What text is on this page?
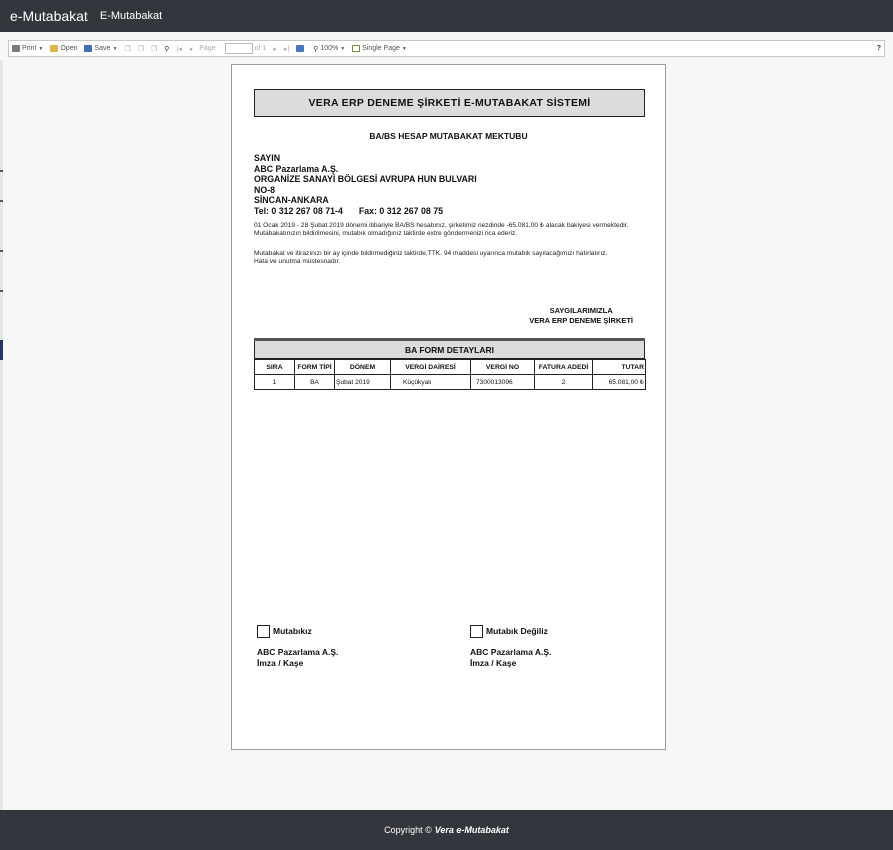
e-Mutabakat E-Mutabakat
Print ▼ Open Save ▼ ❐ ❐ ❐ ⚲ |◂ ◂ Page	of 1 ▸ ▸|	⚲ 100% ▼ Single Page ▼	?
VERA ERP DENEME ŞİRKETİ E-MUTABAKAT SİSTEMİ
BA/BS HESAP MUTABAKAT MEKTUBU
SAYIN
ABC Pazarlama A.Ş.
ORGANİZE SANAYİ BÖLGESİ AVRUPA HUN BULVARI
NO-8
SİNCAN-ANKARA
Tel: 0 312 267 08 71-4 Fax: 0 312 267 08 75
01 Ocak 2019 - 28 Şubat 2019 dönemi itibariyle BA/BS hesabınız, şirketimiz nezdinde -65.081,00 ₺ alacak bakiyesi vermektedir. Mutabakatınızın bildirilmesini, mutabık olmadığınız taktirde extre göndermenizi rica ederiz.
Mutabakat ve itirazınızı bir ay içinde bildirmediğiniz taktirde,TTK. 94 maddesi uyarınca mutabık sayılacağımızı hatırlatırız.
Hata ve unutma müstesnadır.
SAYGILARIMIZLA
VERA ERP DENEME ŞİRKETİ
BA FORM DETAYLARI
SIRA	FORM TİPİ	DÖNEM	VERGİ DAİRESİ	VERGİ NO	FATURA ADEDİ	TUTAR
1	BA	Şubat 2019	Küçükyalı	7300013096	2	65.081,00 ₺
Mutabıkız
ABC Pazarlama A.Ş.
İmza / Kaşe
Mutabık Değiliz
ABC Pazarlama A.Ş.
İmza / Kaşe
Copyright © Vera e-Mutabakat
